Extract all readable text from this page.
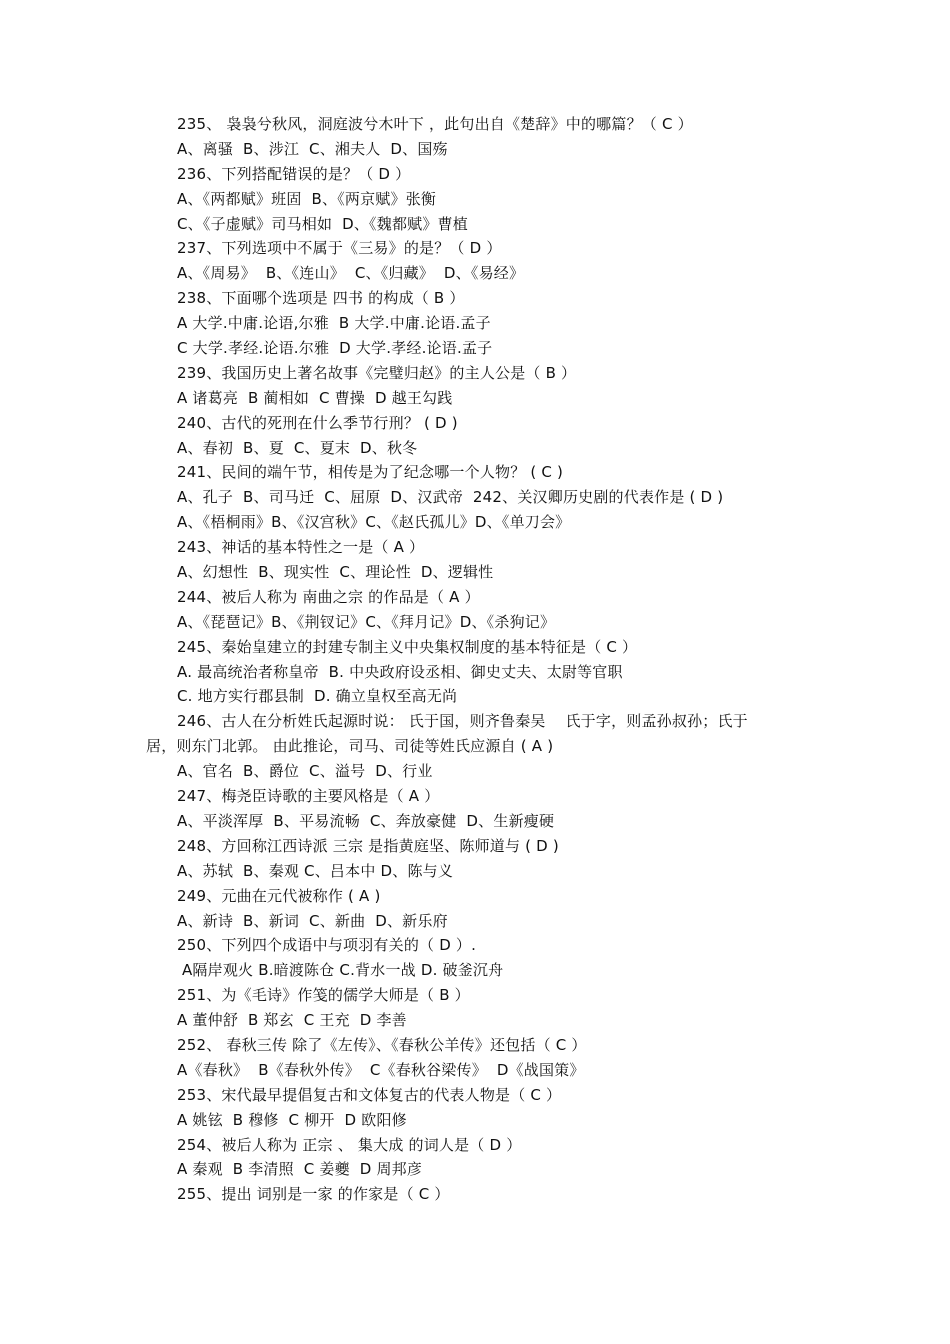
235、 袅袅兮秋风，洞庭波兮木叶下 ，此句出自《楚辞》中的哪篇？（ C ）
A、离骚  B、涉江  C、湘夫人  D、国殇
236、下列搭配错误的是？（ D ）
A、《两都赋》班固  B、《两京赋》张衡
C、《子虚赋》司马相如  D、《魏都赋》曹植
237、下列选项中不属于《三易》的是？（ D ）
A、《周易》  B、《连山》  C、《归藏》  D、《易经》
238、下面哪个选项是 四书 的构成（ B ）
A 大学.中庸.论语,尔雅  B 大学.中庸.论语.孟子
C 大学.孝经.论语.尔雅  D 大学.孝经.论语.孟子
239、我国历史上著名故事《完璧归赵》的主人公是（ B ）
A 诸葛亮  B 蔺相如  C 曹操  D 越王勾践
240、古代的死刑在什么季节行刑？ ( D )
A、春初  B、夏  C、夏末  D、秋冬
241、民间的端午节，相传是为了纪念哪一个人物？ ( C )
A、孔子  B、司马迁  C、屈原  D、汉武帝  242、关汉卿历史剧的代表作是 ( D )
A、《梧桐雨》B、《汉宫秋》C、《赵氏孤儿》D、《单刀会》
243、神话的基本特性之一是（ A ）
A、幻想性  B、现实性  C、理论性  D、逻辑性
244、被后人称为 南曲之宗 的作品是（ A ）
A、《琵琶记》B、《荆钗记》C、《拜月记》D、《杀狗记》
245、秦始皇建立的封建专制主义中央集权制度的基本特征是（ C ）
A. 最高统治者称皇帝  B. 中央政府设丞相、御史丈夫、太尉等官职
C. 地方实行郡县制  D. 确立皇权至高无尚
246、古人在分析姓氏起源时说： 氏于国，则齐鲁秦吴    氏于字，则孟孙叔孙；氏于
居，则东门北郭。 由此推论，司马、司徒等姓氏应源自 ( A )
A、官名  B、爵位  C、溢号  D、行业
247、梅尧臣诗歌的主要风格是（ A ）
A、平淡浑厚  B、平易流畅  C、奔放豪健  D、生新瘦硬
248、方回称江西诗派 三宗 是指黄庭坚、陈师道与 ( D )
A、苏轼  B、秦观 C、吕本中 D、陈与义
249、元曲在元代被称作 ( A )
A、新诗  B、新词  C、新曲  D、新乐府
250、下列四个成语中与项羽有关的（ D ）.
A隔岸观火 B.暗渡陈仓 C.背水一战 D. 破釜沉舟
251、为《毛诗》作笺的儒学大师是（ B ）
A 董仲舒  B 郑玄  C 王充  D 李善
252、 春秋三传 除了《左传》、《春秋公羊传》还包括（ C ）
A《春秋》  B《春秋外传》  C《春秋谷梁传》  D《战国策》
253、宋代最早提倡复古和文体复古的代表人物是（ C ）
A 姚铉  B 穆修  C 柳开  D 欧阳修
254、被后人称为 正宗 、 集大成 的词人是（ D ）
A 秦观  B 李清照  C 姜夔  D 周邦彦
255、提出 词别是一家 的作家是（ C ）
